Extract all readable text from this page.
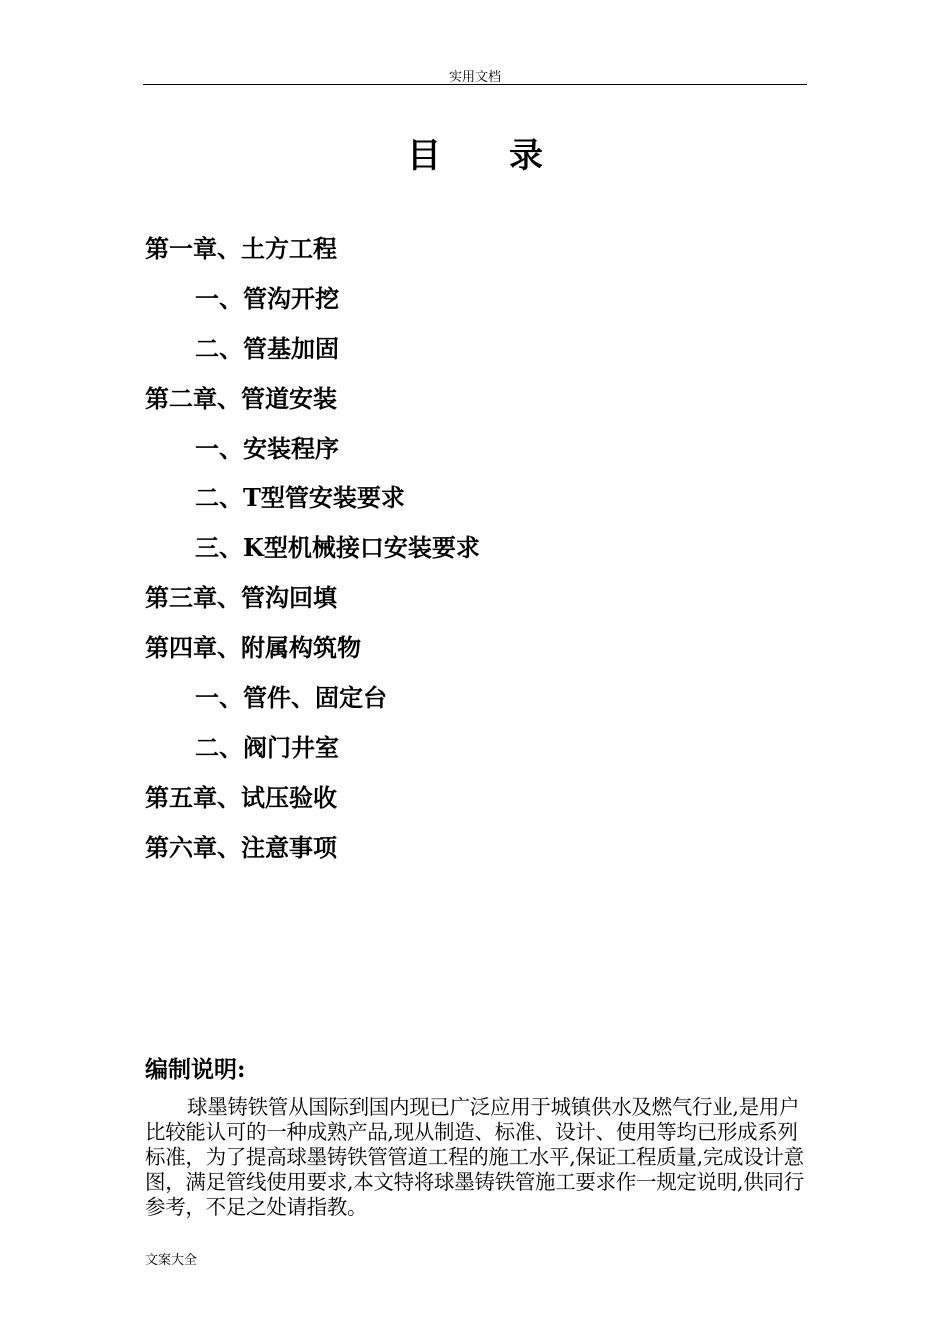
实用文档
目 录
第一章、土方工程
一、管沟开挖
二、管基加固
第二章、管道安装
一、安装程序
二、T型管安装要求
三、K型机械接口安装要求
第三章、管沟回填
第四章、附属构筑物
一、管件、固定台
二、阀门井室
第五章、试压验收
第六章、注意事项
编制说明:

球墨铸铁管从国际到国内现已广泛应用于城镇供水及燃气行业,是用户比较能认可的一种成熟产品,现从制造、标准、设计、使用等均已形成系列标准，为了提高球墨铸铁管管道工程的施工水平,保证工程质量,完成设计意图，满足管线使用要求,本文特将球墨铸铁管施工要求作一规定说明,供同行参考，不足之处请指教。

文案大全
